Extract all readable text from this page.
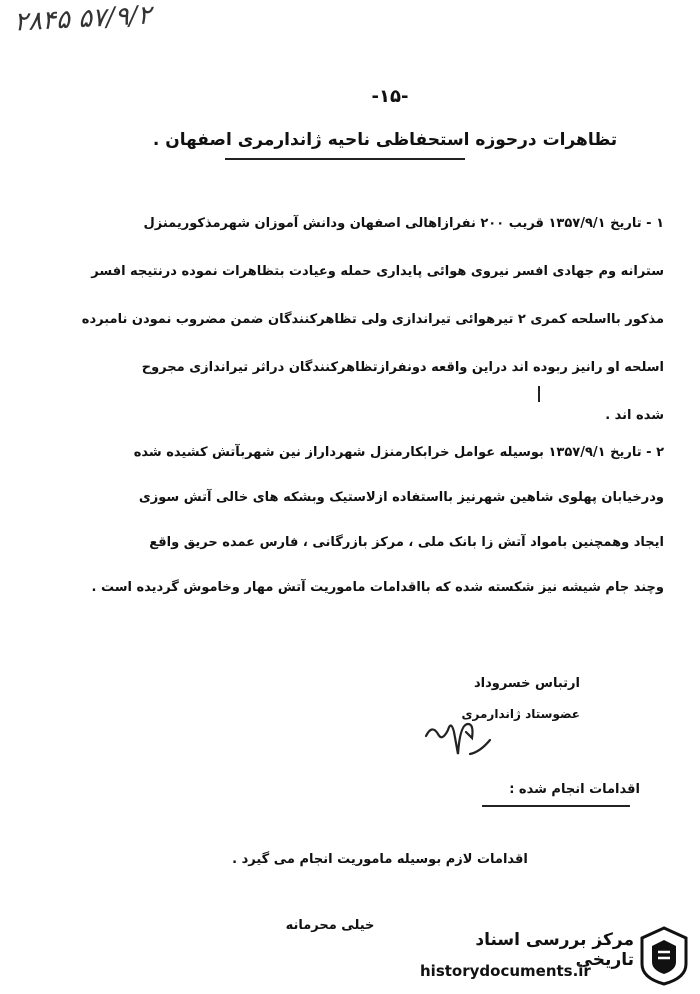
۵۷/۹/۲ ۲۸۴۵
-۱۵-
تظاهرات درحوزه استحفاظی ناحیه ژاندارمری اصفهان .
۱ - تاریخ ۱۳۵۷/۹/۱ قریب ۲۰۰ نفرازاهالی اصفهان ودانش آموزان شهرمذکوریمنزل
سترانه وم جهادی افسر نیروی هوائی پایداری حمله وعیادت بتظاهرات نموده درنتیجه افسر
مذکور بااسلحه کمری ۲ تیرهوائی تیراندازی ولی تظاهرکنندگان ضمن مضروب نمودن نامبرده
اسلحه او رانیز ربوده اند دراین واقعه دونفرازتظاهرکنندگان دراثر تیراندازی مجروح
شده اند .
۲ - تاریخ ۱۳۵۷/۹/۱ بوسیله عوامل خرابکارمنزل شهرداراز نین شهربآتش کشیده شده
ودرخیابان پهلوی شاهین شهرنیز بااستفاده ازلاستیک وبشکه های خالی آتش سوزی
ایجاد وهمچنین بامواد آتش زا بانک ملی ، مرکز بازرگانی ، فارس عمده حریق واقع
وچند جام شیشه نیز شکسته شده که بااقدامات ماموریت آتش مهار وخاموش گردیده است .
ارتباس خسروداد
عضوستاد ژاندارمری
اقدامات انجام شده :
اقدامات لازم بوسیله ماموریت انجام می گیرد .
خیلی محرمانه
مرکز بررسی اسناد تاریخی
historydocuments.ir
